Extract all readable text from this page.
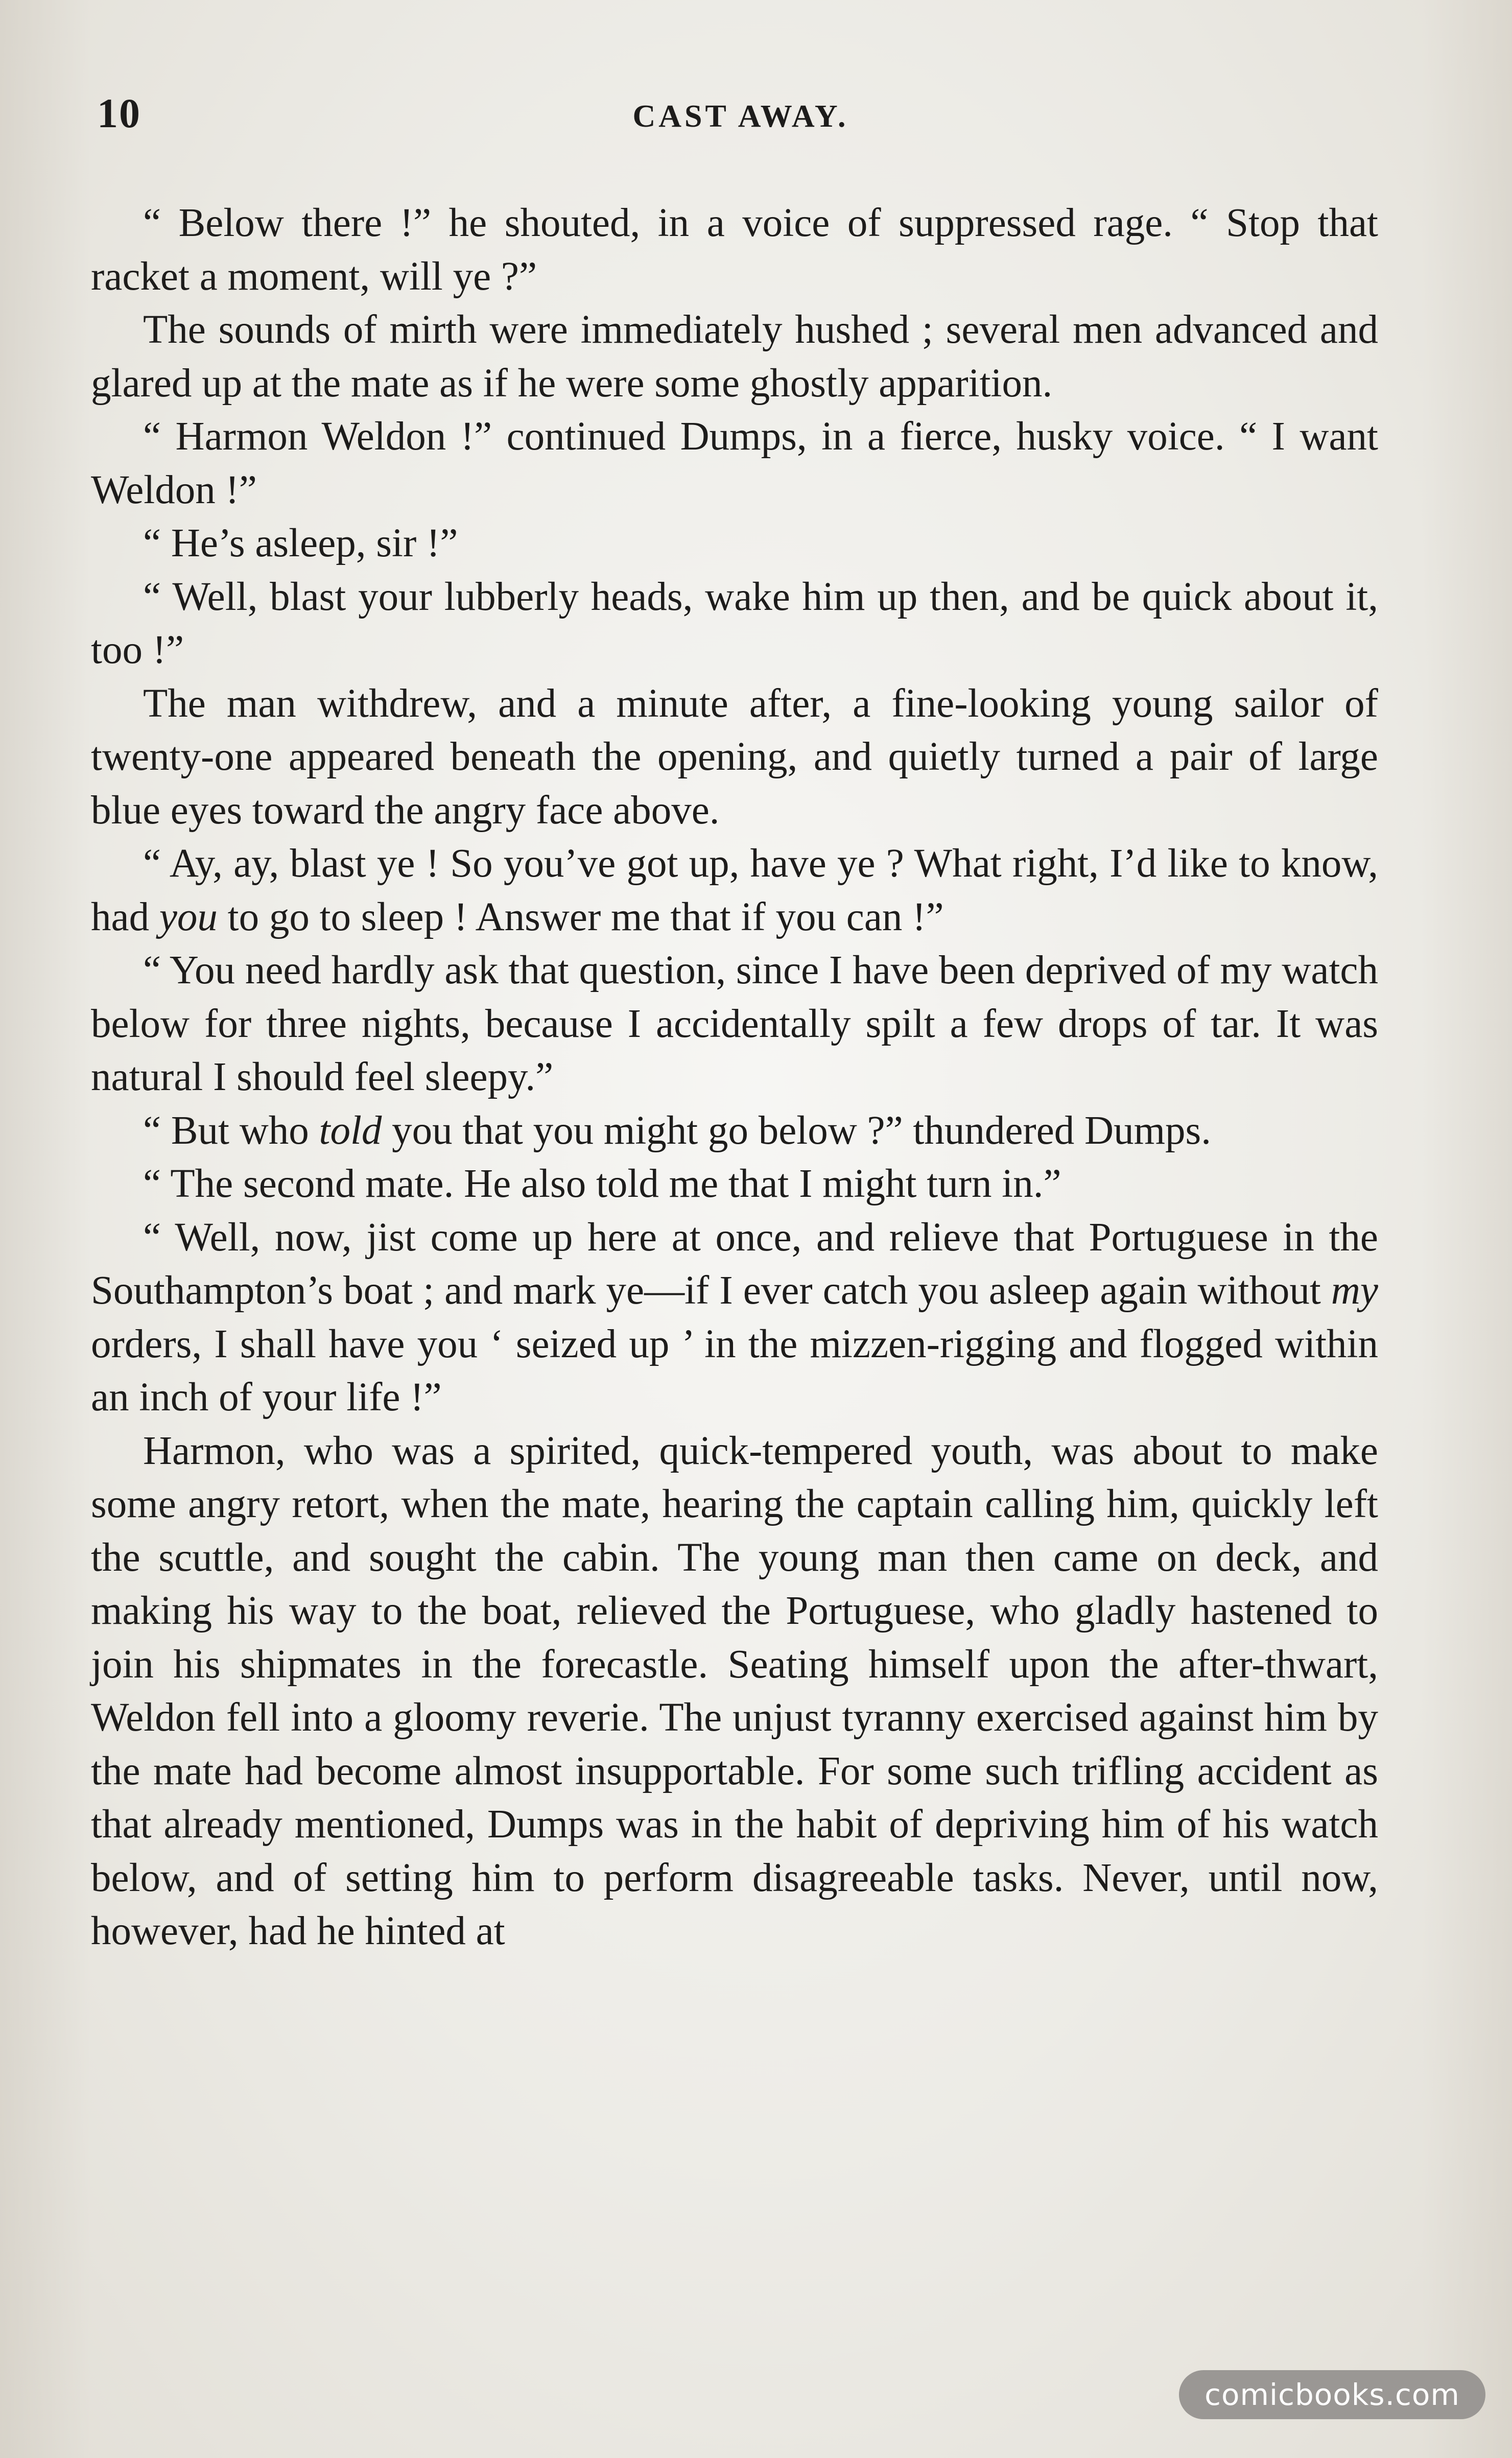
10	CAST AWAY.

“ Below there !” he shouted, in a voice of suppressed rage. “ Stop that racket a moment, will ye ?”

The sounds of mirth were immediately hushed ; several men advanced and glared up at the mate as if he were some ghostly apparition.

“ Harmon Weldon !” continued Dumps, in a fierce, husky voice. “ I want Weldon !”

“ He’s asleep, sir !”

“ Well, blast your lubberly heads, wake him up then, and be quick about it, too !”

The man withdrew, and a minute after, a fine-looking young sailor of twenty-one appeared beneath the opening, and quietly turned a pair of large blue eyes toward the angry face above.

“ Ay, ay, blast ye ! So you’ve got up, have ye ? What right, I’d like to know, had you to go to sleep ! Answer me that if you can !”

“ You need hardly ask that question, since I have been deprived of my watch below for three nights, because I accidentally spilt a few drops of tar. It was natural I should feel sleepy.”

“ But who told you that you might go below ?” thundered Dumps.

“ The second mate. He also told me that I might turn in.”

“ Well, now, jist come up here at once, and relieve that Portuguese in the Southampton’s boat ; and mark ye—if I ever catch you asleep again without my orders, I shall have you ‘ seized up ’ in the mizzen-rigging and flogged within an inch of your life !”

Harmon, who was a spirited, quick-tempered youth, was about to make some angry retort, when the mate, hearing the captain calling him, quickly left the scuttle, and sought the cabin. The young man then came on deck, and making his way to the boat, relieved the Portuguese, who gladly hastened to join his shipmates in the forecastle. Seating himself upon the after-thwart, Weldon fell into a gloomy reverie. The unjust tyranny exercised against him by the mate had become almost insupportable. For some such trifling accident as that already mentioned, Dumps was in the habit of depriving him of his watch below, and of setting him to perform disagreeable tasks. Never, until now, however, had he hinted at

comicbooks.com
